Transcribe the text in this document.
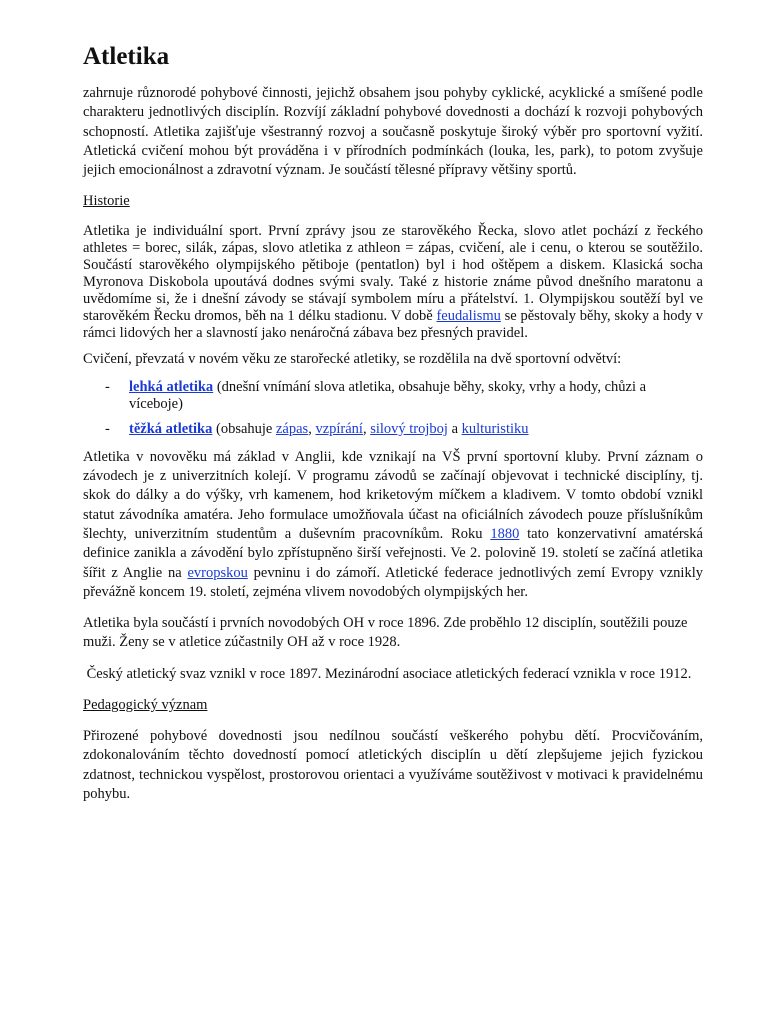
Atletika

zahrnuje různorodé pohybové činnosti, jejichž obsahem jsou pohyby cyklické, acyklické a smíšené podle charakteru jednotlivých disciplín. Rozvíjí základní pohybové dovednosti a dochází k rozvoji pohybových schopností. Atletika zajišťuje všestranný rozvoj a současně poskytuje široký výběr pro sportovní vyžití. Atletická cvičení mohou být prováděna i v přírodních podmínkách (louka, les, park), to potom zvyšuje jejich emocionálnost a zdravotní význam. Je součástí tělesné přípravy většiny sportů.

Historie

Atletika je individuální sport. První zprávy jsou ze starověkého Řecka, slovo atlet pochází z řeckého athletes = borec, silák, zápas, slovo atletika z athleon = zápas, cvičení, ale i cenu, o kterou se soutěžilo. Součástí starověkého olympijského pětiboje (pentatlon) byl i hod oštěpem a diskem. Klasická socha Myronova Diskobola upoutává dodnes svými svaly. Také z historie známe původ dnešního maratonu a uvědomíme si, že i dnešní závody se stávají symbolem míru a přátelství. 1. Olympijskou soutěží byl ve starověkém Řecku dromos, běh na 1 délku stadionu. V době feudalismu se pěstovaly běhy, skoky a hody v rámci lidových her a slavností jako nenáročná zábava bez přesných pravidel.

Cvičení, převzatá v novém věku ze starořecké atletiky, se rozdělila na dvě sportovní odvětví:

- lehká atletika (dnešní vnímání slova atletika, obsahuje běhy, skoky, vrhy a hody, chůzi a víceboje)
- těžká atletika (obsahuje zápas, vzpírání, silový trojboj a kulturistiku

Atletika v novověku má základ v Anglii, kde vznikají na VŠ první sportovní kluby. První záznam o závodech je z univerzitních kolejí. V programu závodů se začínají objevovat i technické disciplíny, tj. skok do dálky a do výšky, vrh kamenem, hod kriketovým míčkem a kladivem. V tomto období vznikl statut závodníka amatéra. Jeho formulace umožňovala účast na oficiálních závodech pouze příslušníkům šlechty, univerzitním studentům a duševním pracovníkům. Roku 1880 tato konzervativní amatérská definice zanikla a závodění bylo zpřístupněno širší veřejnosti. Ve 2. polovině 19. století se začíná atletika šířit z Anglie na evropskou pevninu i do zámoří. Atletické federace jednotlivých zemí Evropy vznikly převážně koncem 19. století, zejména vlivem novodobých olympijských her.

Atletika byla součástí i prvních novodobých OH v roce 1896. Zde proběhlo 12 disciplín, soutěžili pouze muži. Ženy se v atletice zúčastnily OH až v roce 1928.

Český atletický svaz vznikl v roce 1897. Mezinárodní asociace atletických federací vznikla v roce 1912.

Pedagogický význam

Přirozené pohybové dovednosti jsou nedílnou součástí veškerého pohybu dětí. Procvičováním, zdokonalováním těchto dovedností pomocí atletických disciplín u dětí zlepšujeme jejich fyzickou zdatnost, technickou vyspělost, prostorovou orientaci a využíváme soutěživost v motivaci k pravidelnému pohybu.
